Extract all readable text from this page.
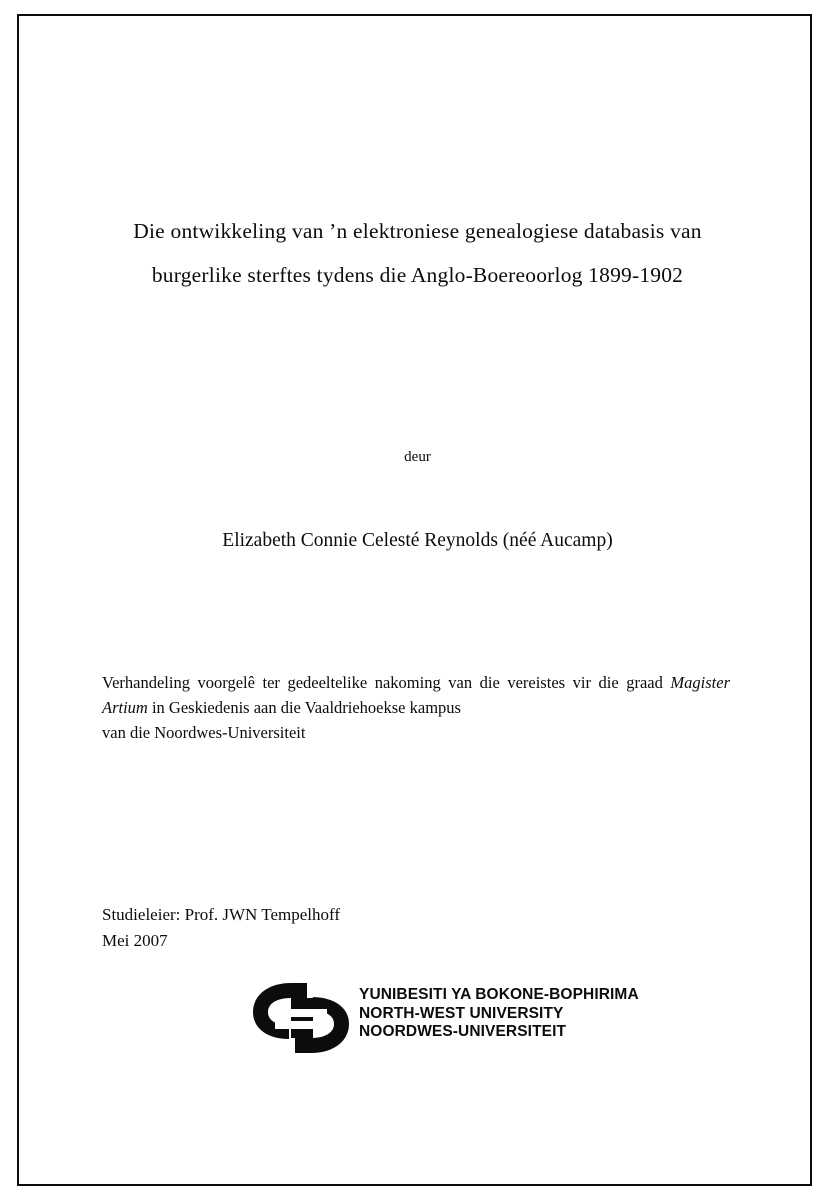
Die ontwikkeling van ’n elektroniese genealogiese databasis van
burgerlike sterftes tydens die Anglo-Boereoorlog 1899-1902
deur
Elizabeth Connie Celesté Reynolds (néé Aucamp)
Verhandeling voorgelê ter gedeeltelike nakoming van die vereistes vir die graad Magister Artium in Geskiedenis aan die Vaaldriehoekse kampus
van die Noordwes-Universiteit
Studieleier: Prof. JWN Tempelhoff
Mei 2007
YUNIBESITI YA BOKONE-BOPHIRIMA
NORTH-WEST UNIVERSITY
NOORDWES-UNIVERSITEIT
